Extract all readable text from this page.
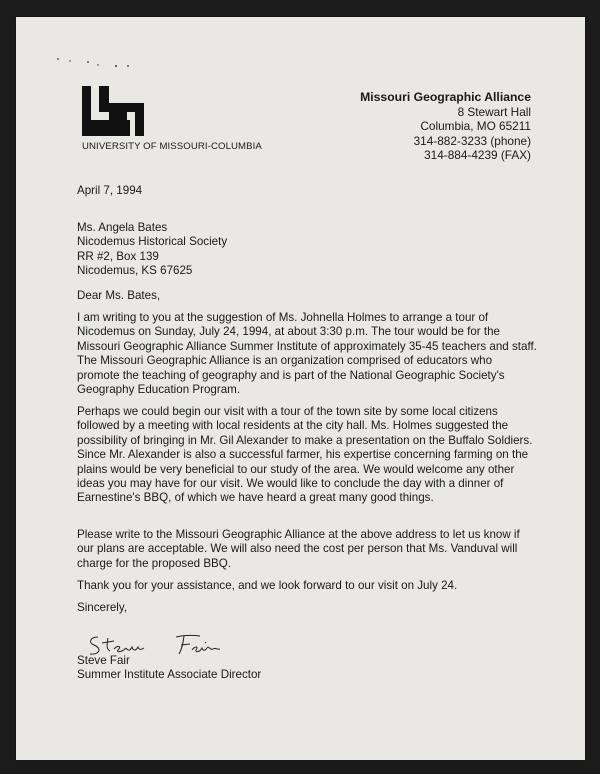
UNIVERSITY OF MISSOURI-COLUMBIA
Missouri Geographic Alliance
8 Stewart Hall
Columbia, MO 65211
314-882-3233 (phone)
314-884-4239 (FAX)
April 7, 1994
Ms. Angela Bates
Nicodemus Historical Society
RR #2, Box 139
Nicodemus, KS 67625
Dear Ms. Bates,
I am writing to you at the suggestion of Ms. Johnella Holmes to arrange a tour of Nicodemus on Sunday, July 24, 1994, at about 3:30 p.m. The tour would be for the Missouri Geographic Alliance Summer Institute of approximately 35-45 teachers and staff. The Missouri Geographic Alliance is an organization comprised of educators who promote the teaching of geography and is part of the National Geographic Society's Geography Education Program.
Perhaps we could begin our visit with a tour of the town site by some local citizens followed by a meeting with local residents at the city hall. Ms. Holmes suggested the possibility of bringing in Mr. Gil Alexander to make a presentation on the Buffalo Soldiers. Since Mr. Alexander is also a successful farmer, his expertise concerning farming on the plains would be very beneficial to our study of the area. We would welcome any other ideas you may have for our visit. We would like to conclude the day with a dinner of Earnestine's BBQ, of which we have heard a great many good things.
Please write to the Missouri Geographic Alliance at the above address to let us know if our plans are acceptable. We will also need the cost per person that Ms. Vanduval will charge for the proposed BBQ.
Thank you for your assistance, and we look forward to our visit on July 24.
Sincerely,
Steve Fair
Summer Institute Associate Director
